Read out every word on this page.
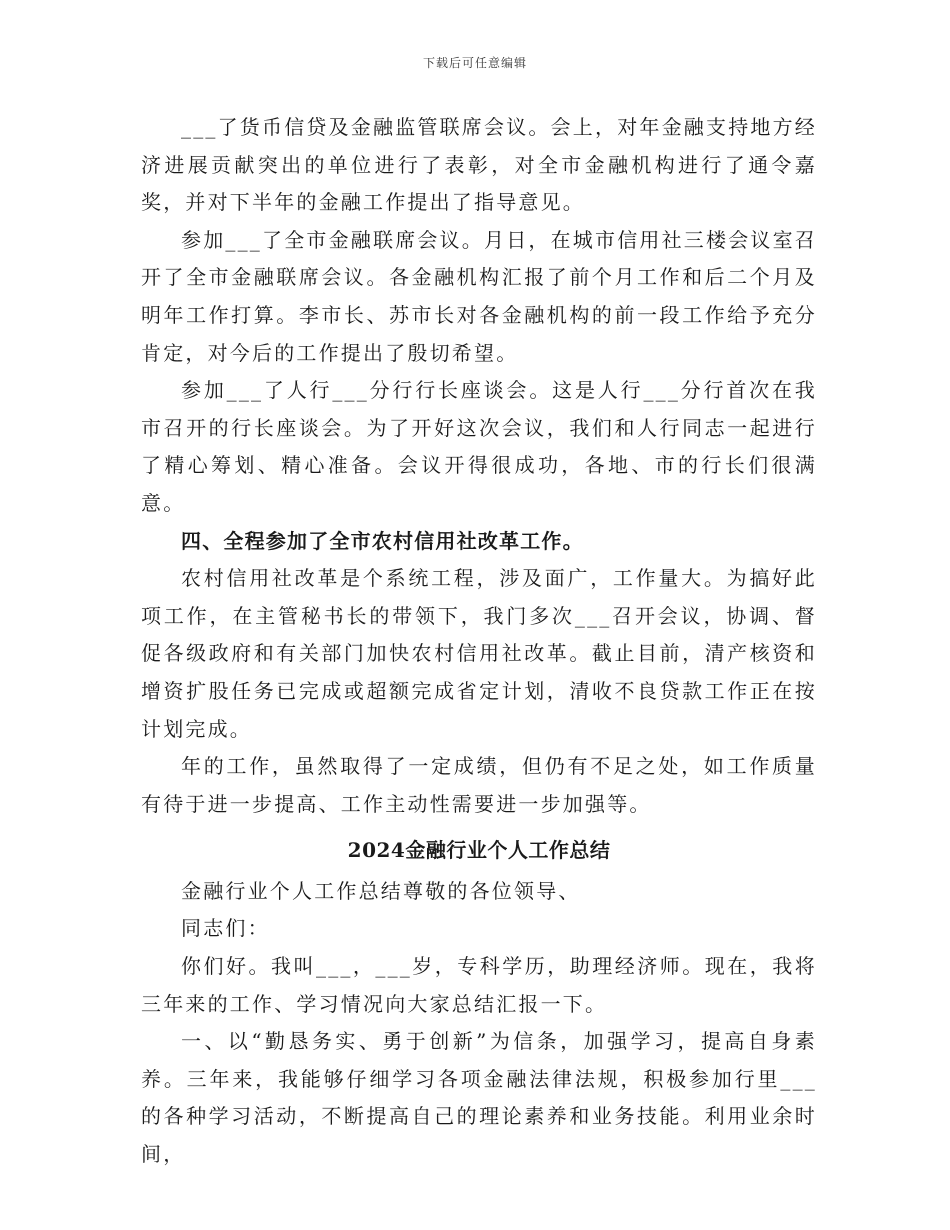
下载后可任意编辑

___了货币信贷及金融监管联席会议。会上，对年金融支持地方经济进展贡献突出的单位进行了表彰，对全市金融机构进行了通令嘉奖，并对下半年的金融工作提出了指导意见。

参加___了全市金融联席会议。月日，在城市信用社三楼会议室召开了全市金融联席会议。各金融机构汇报了前个月工作和后二个月及明年工作打算。李市长、苏市长对各金融机构的前一段工作给予充分肯定，对今后的工作提出了殷切希望。

参加___了人行___分行行长座谈会。这是人行___分行首次在我市召开的行长座谈会。为了开好这次会议，我们和人行同志一起进行了精心筹划、精心准备。会议开得很成功，各地、市的行长们很满意。

四、全程参加了全市农村信用社改革工作。

农村信用社改革是个系统工程，涉及面广，工作量大。为搞好此项工作，在主管秘书长的带领下，我门多次___召开会议，协调、督促各级政府和有关部门加快农村信用社改革。截止目前，清产核资和增资扩股任务已完成或超额完成省定计划，清收不良贷款工作正在按计划完成。

年的工作，虽然取得了一定成绩，但仍有不足之处，如工作质量有待于进一步提高、工作主动性需要进一步加强等。

2024金融行业个人工作总结

金融行业个人工作总结尊敬的各位领导、

同志们：

你们好。我叫___，___岁，专科学历，助理经济师。现在，我将三年来的工作、学习情况向大家总结汇报一下。

一、以“勤恳务实、勇于创新”为信条，加强学习，提高自身素养。三年来，我能够仔细学习各项金融法律法规，积极参加行里___的各种学习活动，不断提高自己的理论素养和业务技能。利用业余时间，
